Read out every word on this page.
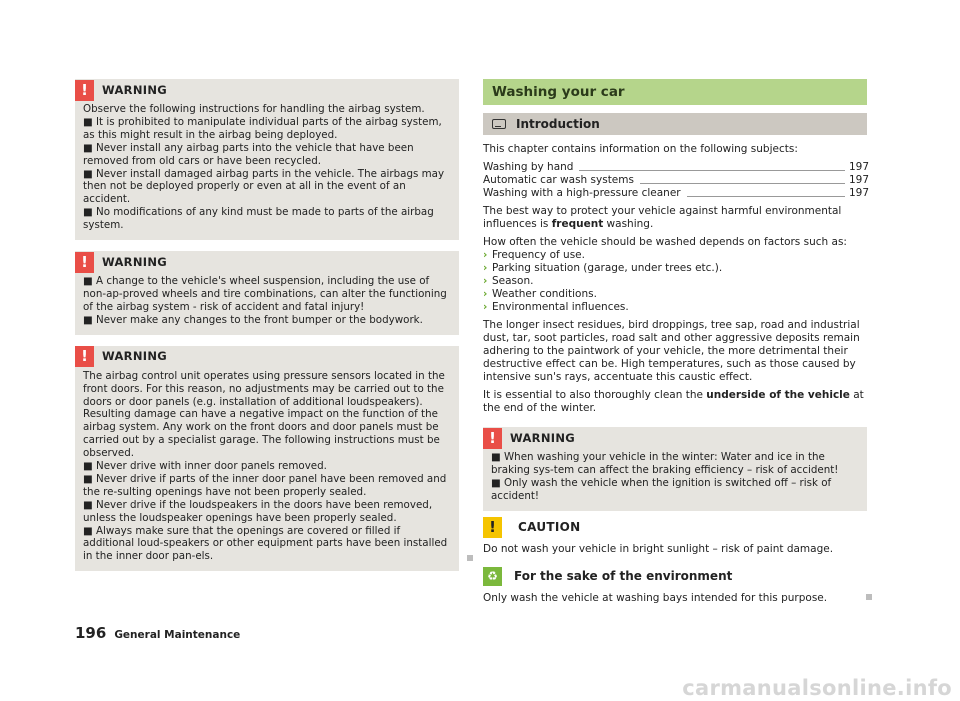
!	WARNING
Observe the following instructions for handling the airbag system.
■ It is prohibited to manipulate individual parts of the airbag system, as this might result in the airbag being deployed.
■ Never install any airbag parts into the vehicle that have been removed from old cars or have been recycled.
■ Never install damaged airbag parts in the vehicle. The airbags may then not be deployed properly or even at all in the event of an accident.
■ No modifications of any kind must be made to parts of the airbag system.
!	WARNING
■ A change to the vehicle's wheel suspension, including the use of non-ap-proved wheels and tire combinations, can alter the functioning of the airbag system - risk of accident and fatal injury!
■ Never make any changes to the front bumper or the bodywork.
!	WARNING
The airbag control unit operates using pressure sensors located in the front doors. For this reason, no adjustments may be carried out to the doors or door panels (e.g. installation of additional loudspeakers). Resulting damage can have a negative impact on the function of the airbag system. Any work on the front doors and door panels must be carried out by a specialist garage. The following instructions must be observed.
■ Never drive with inner door panels removed.
■ Never drive if parts of the inner door panel have been removed and the re-sulting openings have not been properly sealed.
■ Never drive if the loudspeakers in the doors have been removed, unless the loudspeaker openings have been properly sealed.
■ Always make sure that the openings are covered or filled if additional loud-speakers or other equipment parts have been installed in the inner door pan-els.
Washing your car
Introduction
This chapter contains information on the following subjects:
Washing by hand	197
Automatic car wash systems	197
Washing with a high-pressure cleaner	197
The best way to protect your vehicle against harmful environmental influences is frequent washing.
How often the vehicle should be washed depends on factors such as:
› Frequency of use.
› Parking situation (garage, under trees etc.).
› Season.
› Weather conditions.
› Environmental influences.
The longer insect residues, bird droppings, tree sap, road and industrial dust, tar, soot particles, road salt and other aggressive deposits remain adhering to the paintwork of your vehicle, the more detrimental their destructive effect can be. High temperatures, such as those caused by intensive sun's rays, accentuate this caustic effect.
It is essential to also thoroughly clean the underside of the vehicle at the end of the winter.
!	WARNING
■ When washing your vehicle in the winter: Water and ice in the braking sys-tem can affect the braking efficiency – risk of accident!
■ Only wash the vehicle when the ignition is switched off – risk of accident!
!	CAUTION
Do not wash your vehicle in bright sunlight – risk of paint damage.
♻	For the sake of the environment
Only wash the vehicle at washing bays intended for this purpose.
196 General Maintenance
carmanualsonline.info
